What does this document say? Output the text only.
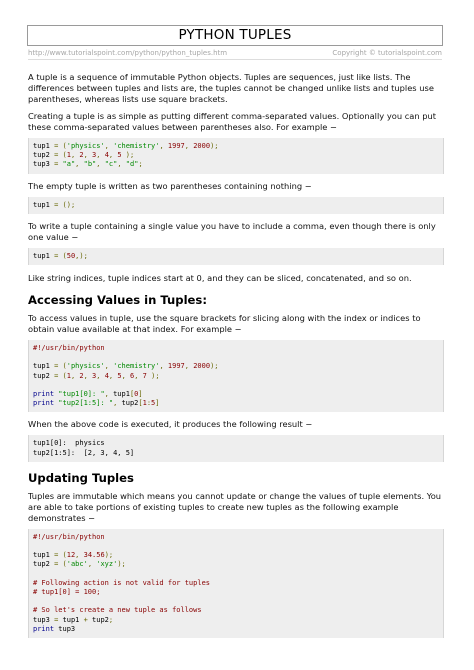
PYTHON TUPLES
http://www.tutorialspoint.com/python/python_tuples.htm	Copyright © tutorialspoint.com

A tuple is a sequence of immutable Python objects. Tuples are sequences, just like lists. The differences between tuples and lists are, the tuples cannot be changed unlike lists and tuples use parentheses, whereas lists use square brackets.

Creating a tuple is as simple as putting different comma-separated values. Optionally you can put these comma-separated values between parentheses also. For example −

tup1 = ('physics', 'chemistry', 1997, 2000);
tup2 = (1, 2, 3, 4, 5 );
tup3 = "a", "b", "c", "d";

The empty tuple is written as two parentheses containing nothing −

tup1 = ();

To write a tuple containing a single value you have to include a comma, even though there is only one value −

tup1 = (50,);

Like string indices, tuple indices start at 0, and they can be sliced, concatenated, and so on.

Accessing Values in Tuples:

To access values in tuple, use the square brackets for slicing along with the index or indices to obtain value available at that index. For example −

#!/usr/bin/python
tup1 = ('physics', 'chemistry', 1997, 2000);
tup2 = (1, 2, 3, 4, 5, 6, 7 );
print "tup1[0]: ", tup1[0]
print "tup2[1:5]: ", tup2[1:5]

When the above code is executed, it produces the following result −

tup1[0]:  physics
tup2[1:5]:  [2, 3, 4, 5]
Updating Tuples

Tuples are immutable which means you cannot update or change the values of tuple elements. You are able to take portions of existing tuples to create new tuples as the following example demonstrates −

#!/usr/bin/python
tup1 = (12, 34.56);
tup2 = ('abc', 'xyz');
# Following action is not valid for tuples
# tup1[0] = 100;
# So let's create a new tuple as follows
tup3 = tup1 + tup2;
print tup3
